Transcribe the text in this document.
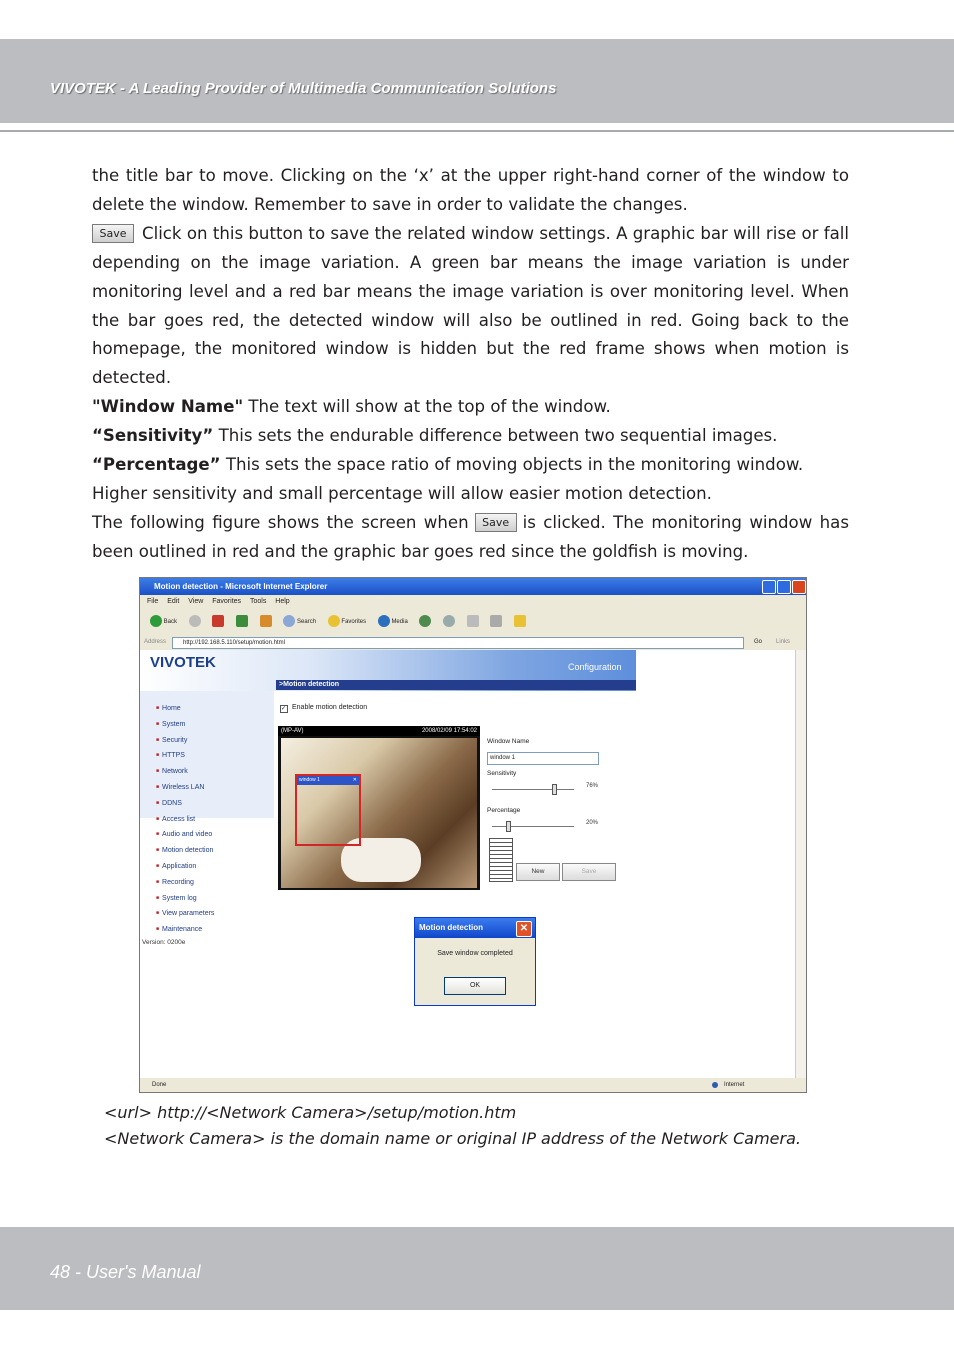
VIVOTEK - A Leading Provider of Multimedia Communication Solutions

the title bar to move. Clicking on the ‘x’ at the upper right-hand corner of the window to delete the window. Remember to save in order to validate the changes.

Save Click on this button to save the related window settings. A graphic bar will rise or fall depending on the image variation. A green bar means the image variation is under monitoring level and a red bar means the image variation is over monitoring level. When the bar goes red, the detected window will also be outlined in red. Going back to the homepage, the monitored window is hidden but the red frame shows when motion is detected.

"Window Name" The text will show at the top of the window.

“Sensitivity” This sets the endurable difference between two sequential images.

“Percentage” This sets the space ratio of moving objects in the monitoring window.

Higher sensitivity and small percentage will allow easier motion detection.

The following figure shows the screen when Save is clicked. The monitoring window has been outlined in red and the graphic bar goes red since the goldfish is moving.

Motion detection - Microsoft Internet Explorer
File Edit View Favorites Tools Help
Back	Search	Favorites	Media
Address	http://192.168.5.110/setup/motion.html	Go Links
VIVOTEK	Configuration
>Motion detection
■ Home
■ System
■ Security
■ HTTPS
■ Network
■ Wireless LAN
■ DDNS
■ Access list
■ Audio and video
■ Motion detection
■ Application
■ Recording
■ System log
■ View parameters
■ Maintenance
Version: 0200e
✓ Enable motion detection
(MP-AV)	2008/02/09 17:54:02
window 1	✕
Window Name
window 1
Sensitivity
76%
Percentage
20%
New	Save
Motion detection	✕
Save window completed
OK
Done	Internet
<url> http://<Network Camera>/setup/motion.htm
<Network Camera> is the domain name or original IP address of the Network Camera.
48 - User's Manual
